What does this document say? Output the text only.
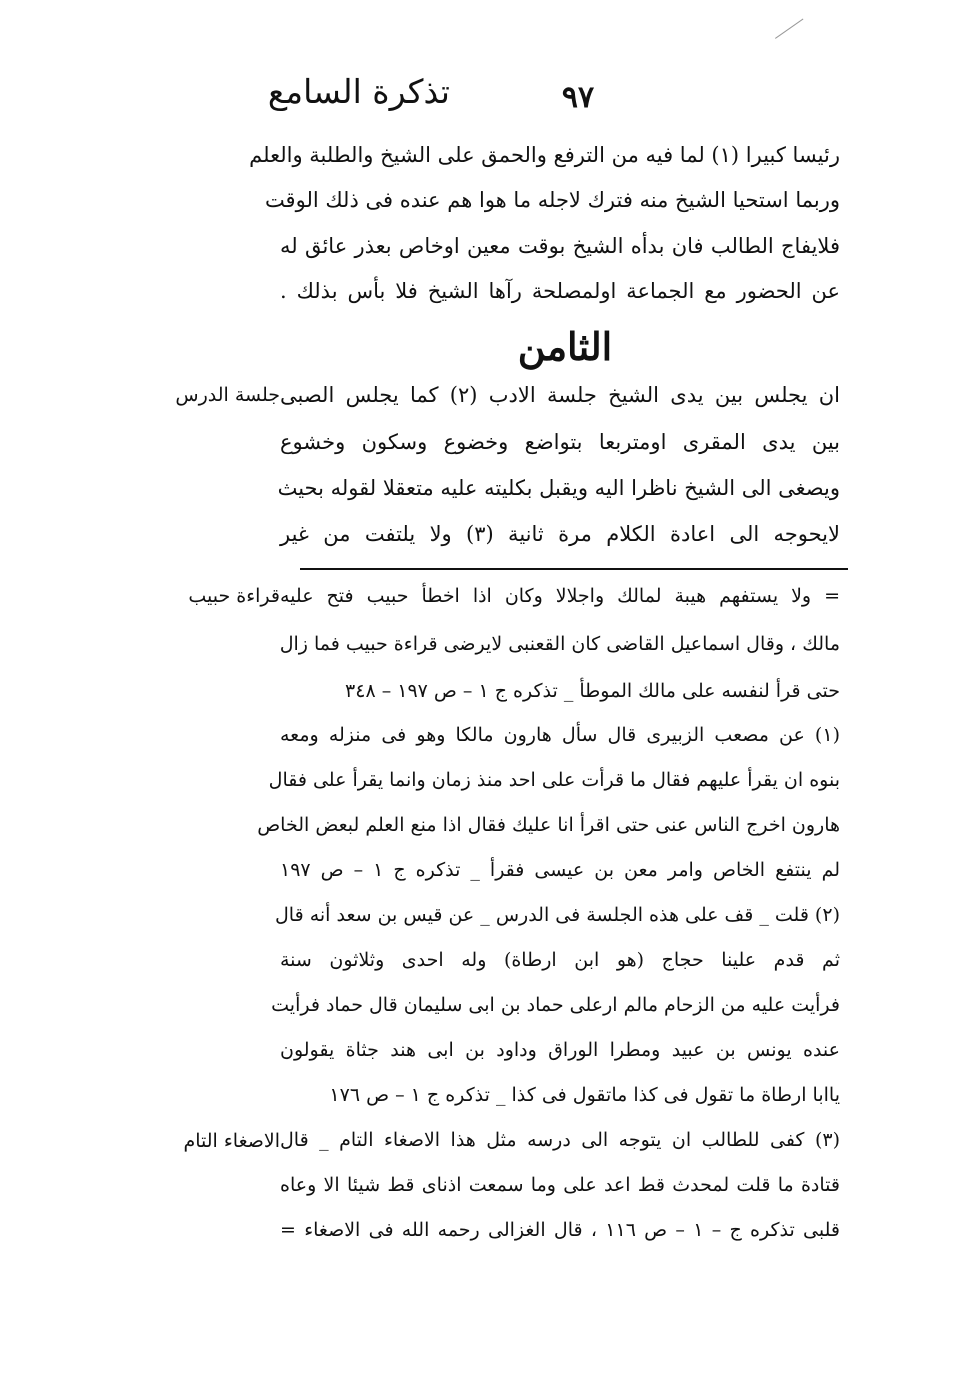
تذكرة السامع	٩٧
رئيسا كبيرا (١) لما فيه من الترفع والحمق على الشيخ والطلبة والعلم
وربما استحيا الشيخ منه فترك لاجله ما هوا هم عنده فى ذلك الوقت
فلايفاج الطالب فان بدأه الشيخ بوقت معين اوخاص بعذر عائق له
عن الحضور مع الجماعة اولمصلحة رآها الشيخ فلا بأس بذلك .
الثامن
ان يجلس بين يدى الشيخ جلسة الادب (٢) كما يجلس الصبى
بين يدى المقرى اومتربعا بتواضع وخضوع وسكون وخشوع
ويصغى الى الشيخ ناظرا اليه ويقبل بكليته عليه متعقلا لقوله بحيث
لايحوجه الى اعادة الكلام مرة ثانية (٣) ولا يلتفت من غير
جلسة الدرس
قراءة حبيب
الاصغاء التام
= ولا يستفهم هيبة لمالك واجلالا وكان اذا اخطأ حبيب فتح عليه
مالك ، وقال اسماعيل القاضى كان القعنبى لايرضى قراءة حبيب فما زال
حتى قرأ لنفسه على مالك الموطأ _ تذكره ج ١ – ص ١٩٧ – ٣٤٨
(١) عن مصعب الزبيرى قال سأل هارون مالكا وهو فى منزله ومعه
بنوه ان يقرأ عليهم فقال ما قرأت على احد منذ زمان وانما يقرأ على فقال
هارون اخرج الناس عنى حتى اقرأ انا عليك فقال اذا منع العلم لبعض الخاص
لم ينتفع الخاص وامر معن بن عيسى فقرأ _ تذكره ج ١ – ص ١٩٧
(٢) قلت _ قف على هذه الجلسة فى الدرس _ عن قيس بن سعد أنه قال
ثم قدم علينا حجاج (هو ابن ارطاة) وله احدى وثلاثون سنة
فرأيت عليه من الزحام مالم ارعلى حماد بن ابى سليمان قال حماد فرأيت
عنده يونس بن عبيد ومطرا الوراق وداود بن ابى هند جثاة يقولون
ياابا ارطاة ما تقول فى كذا ماتقول فى كذا _ تذكره ج ١ – ص ١٧٦
(٣) كفى للطالب ان يتوجه الى درسه مثل هذا الاصغاء التام _ قال
قتادة ما قلت لمحدث قط اعد على وما سمعت اذناى قط شيئا الا وعاه
قلبى تذكره ج – ١ – ص ١١٦ ، قال الغزالى رحمه الله فى الاصغاء =
